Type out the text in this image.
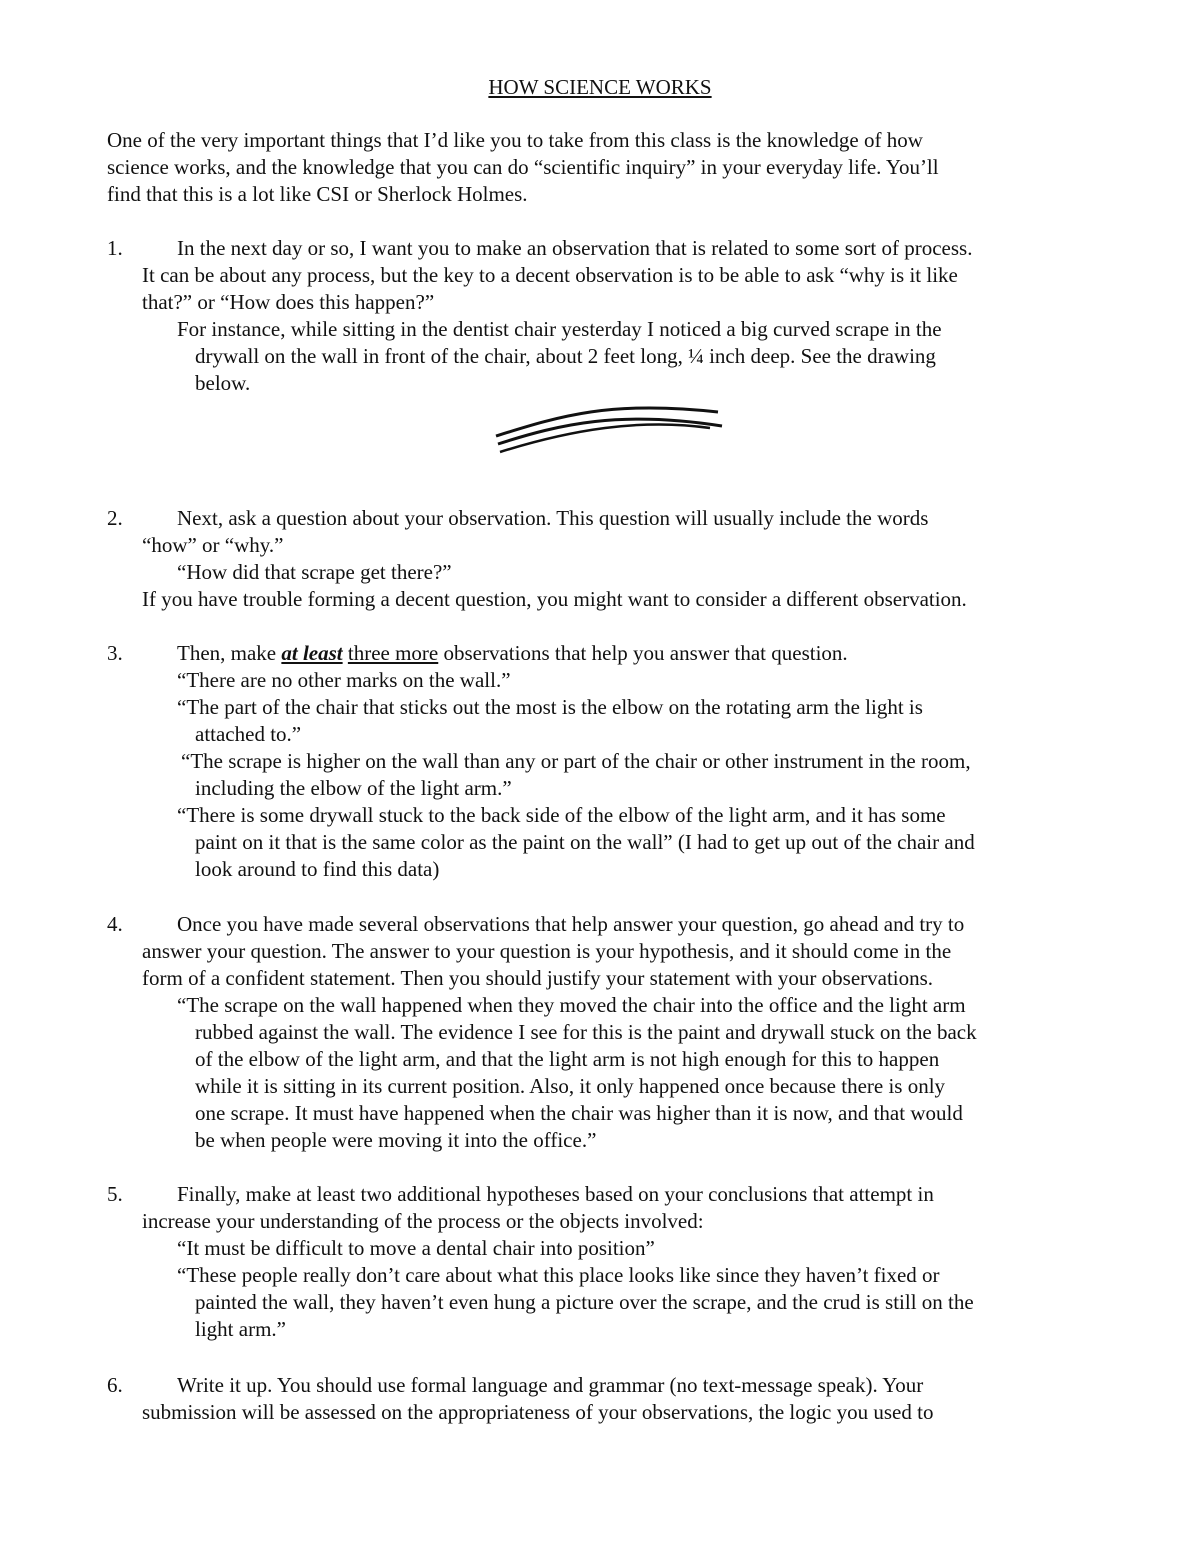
HOW SCIENCE WORKS
One of the very important things that I’d like you to take from this class is the knowledge of how
science works, and the knowledge that you can do “scientific inquiry” in your everyday life. You’ll
find that this is a lot like CSI or Sherlock Holmes.
1.	In the next day or so, I want you to make an observation that is related to some sort of process.
It can be about any process, but the key to a decent observation is to be able to ask “why is it like
that?” or “How does this happen?”
For instance, while sitting in the dentist chair yesterday I noticed a big curved scrape in the
drywall on the wall in front of the chair, about 2 feet long, ¼ inch deep. See the drawing
below.
2.	Next, ask a question about your observation. This question will usually include the words
“how” or “why.”
“How did that scrape get there?”
If you have trouble forming a decent question, you might want to consider a different observation.
3.	Then, make at least three more observations that help you answer that question.
“There are no other marks on the wall.”
“The part of the chair that sticks out the most is the elbow on the rotating arm the light is
attached to.”
“The scrape is higher on the wall than any or part of the chair or other instrument in the room,
including the elbow of the light arm.”
“There is some drywall stuck to the back side of the elbow of the light arm, and it has some
paint on it that is the same color as the paint on the wall” (I had to get up out of the chair and
look around to find this data)
4.	Once you have made several observations that help answer your question, go ahead and try to
answer your question. The answer to your question is your hypothesis, and it should come in the
form of a confident statement. Then you should justify your statement with your observations.
“The scrape on the wall happened when they moved the chair into the office and the light arm
rubbed against the wall. The evidence I see for this is the paint and drywall stuck on the back
of the elbow of the light arm, and that the light arm is not high enough for this to happen
while it is sitting in its current position. Also, it only happened once because there is only
one scrape. It must have happened when the chair was higher than it is now, and that would
be when people were moving it into the office.”
5.	Finally, make at least two additional hypotheses based on your conclusions that attempt in
increase your understanding of the process or the objects involved:
“It must be difficult to move a dental chair into position”
“These people really don’t care about what this place looks like since they haven’t fixed or
painted the wall, they haven’t even hung a picture over the scrape, and the crud is still on the
light arm.”
6.	Write it up. You should use formal language and grammar (no text-message speak). Your
submission will be assessed on the appropriateness of your observations, the logic you used to
